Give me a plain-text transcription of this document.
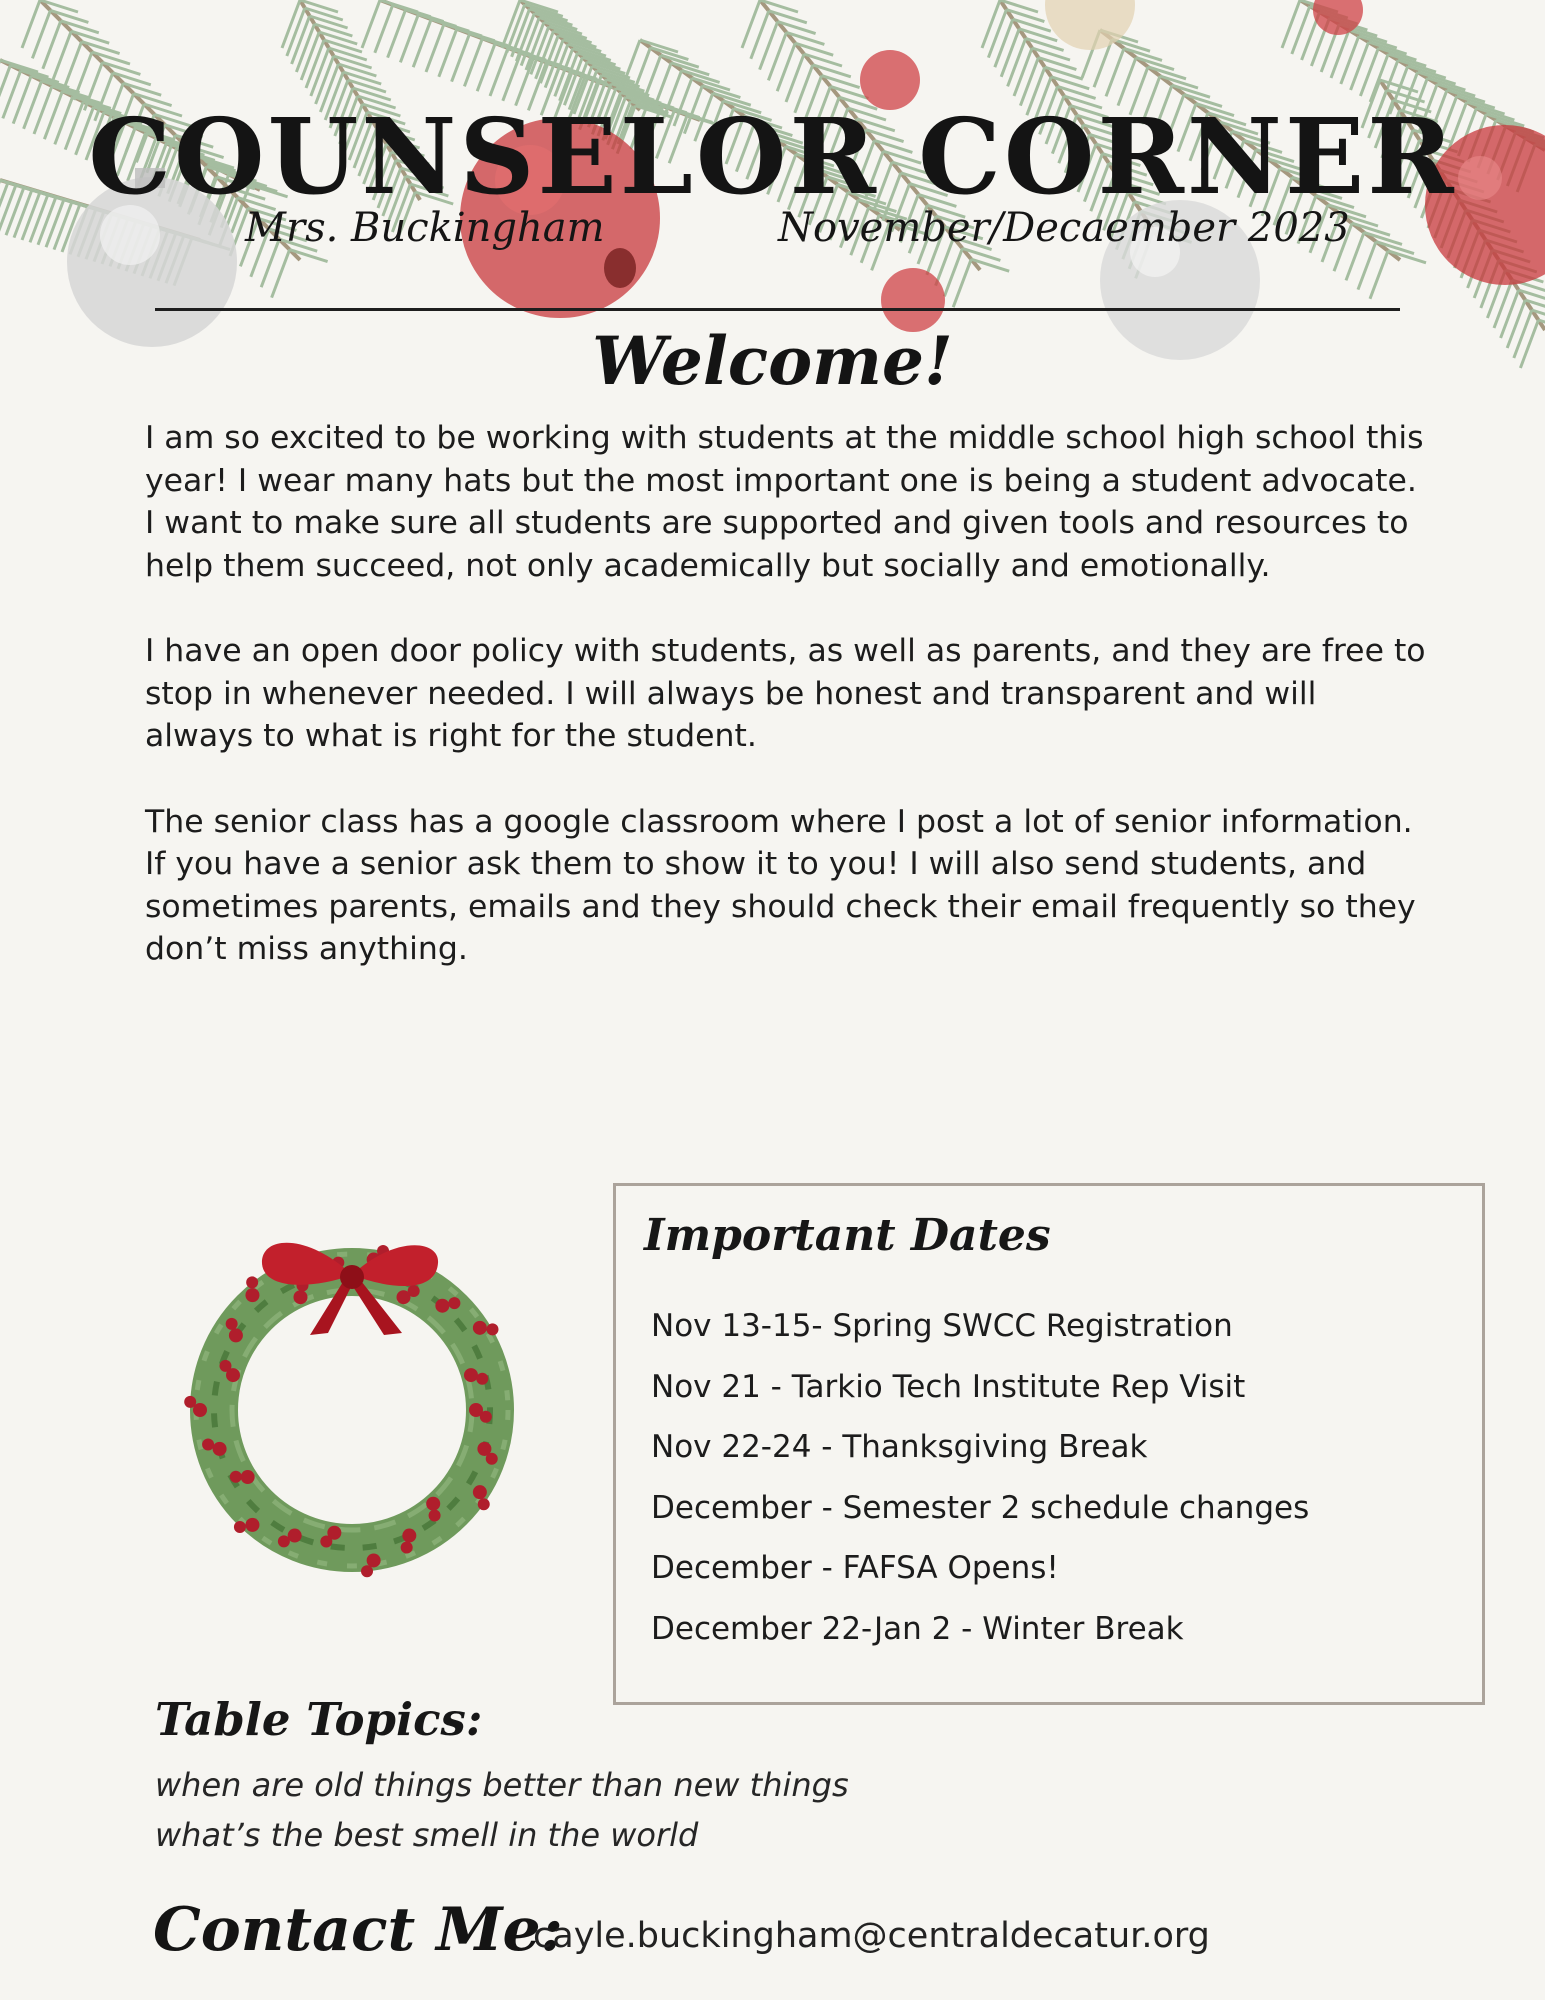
COUNSELOR CORNER
Mrs. Buckingham	November/Decaember 2023
Welcome!

I am so excited to be working with students at the middle school high school this year! I wear many hats but the most important one is being a student advocate. I want to make sure all students are supported and given tools and resources to help them succeed, not only academically but socially and emotionally.

I have an open door policy with students, as well as parents, and they are free to stop in whenever needed. I will always be honest and transparent and will always to what is right for the student.

The senior class has a google classroom where I post a lot of senior information. If you have a senior ask them to show it to you! I will also send students, and sometimes parents, emails and they should check their email frequently so they don’t miss anything.

Important Dates
Nov 13-15- Spring SWCC Registration
Nov 21 - Tarkio Tech Institute Rep Visit
Nov 22-24 - Thanksgiving Break
December - Semester 2 schedule changes
December - FAFSA Opens!
December 22-Jan 2 - Winter Break
Table Topics:
when are old things better than new things
what’s the best smell in the world
Contact Me:
cayle.buckingham@centraldecatur.org
